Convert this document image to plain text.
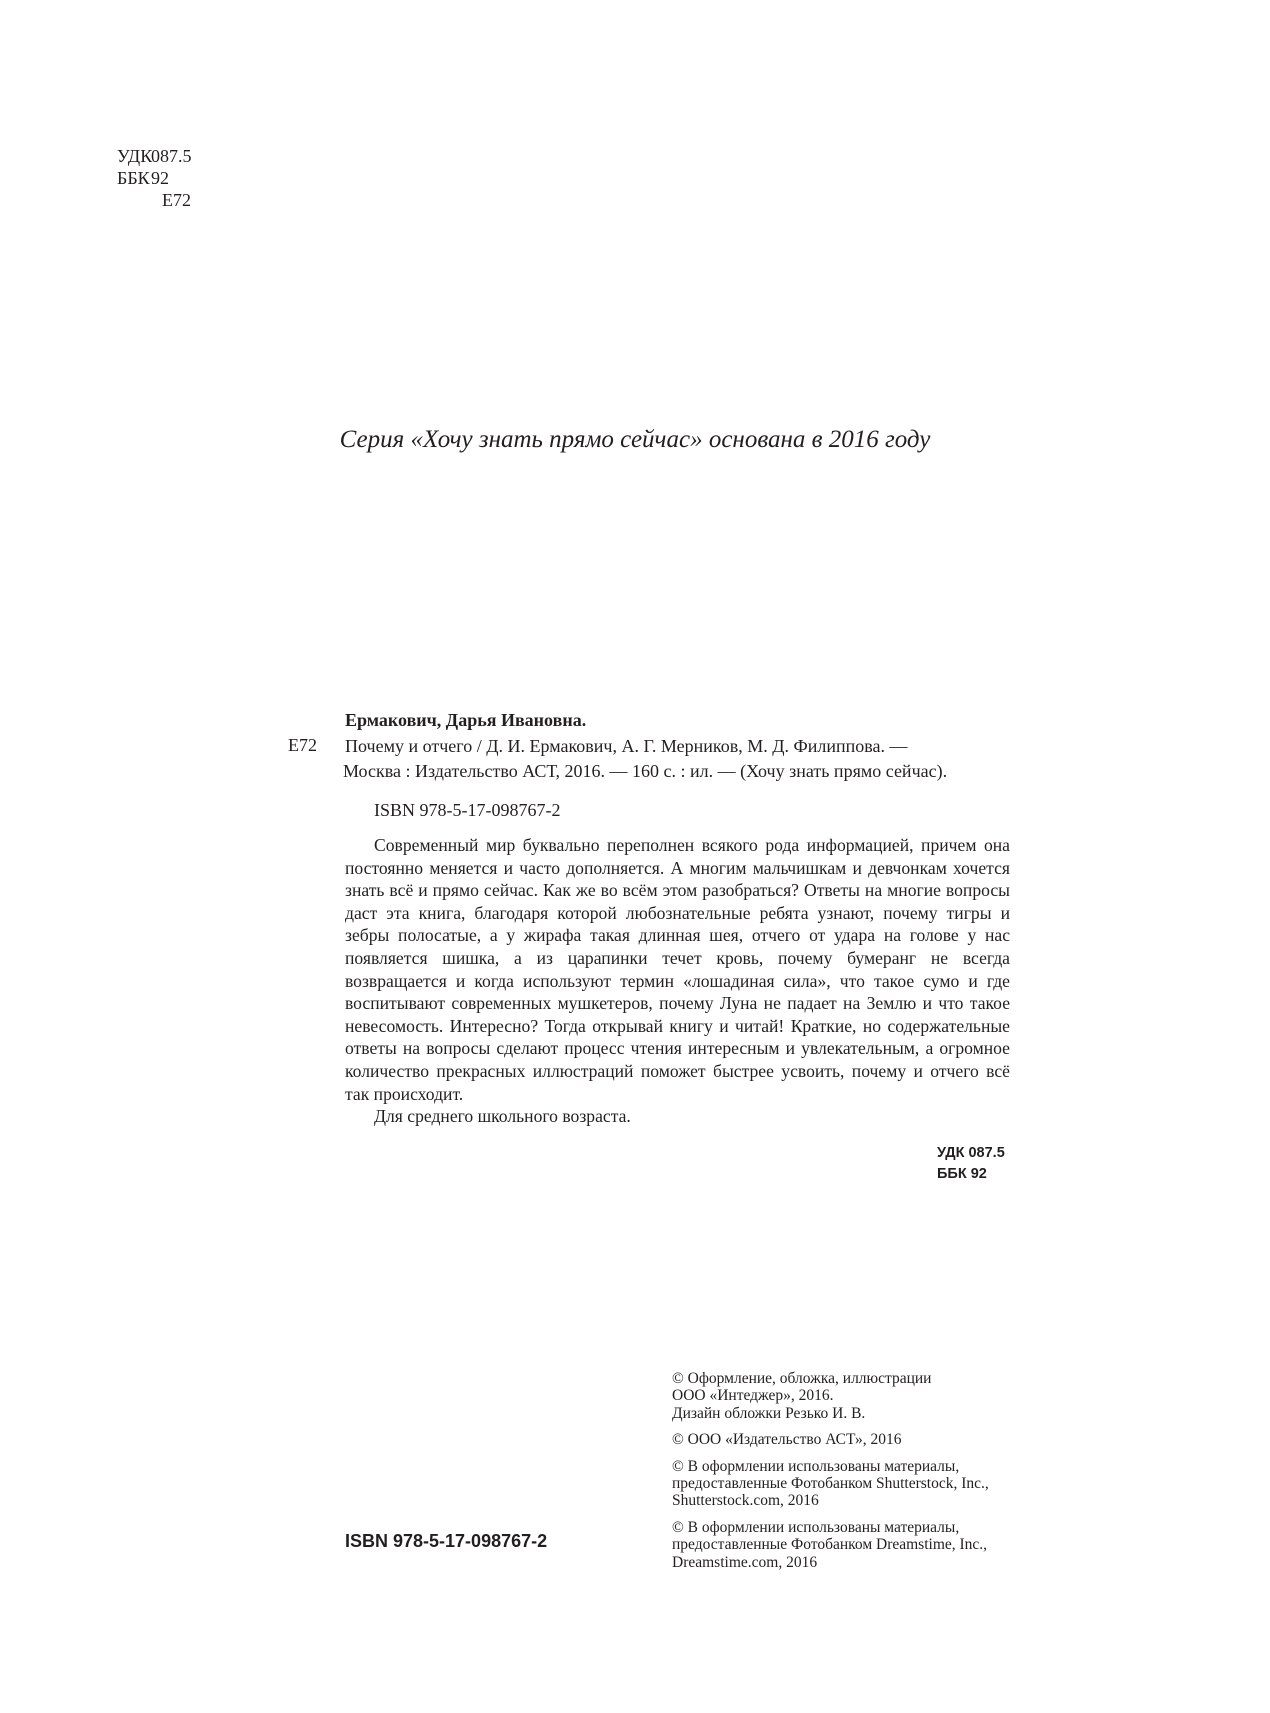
УДК
087.5
ББК 92
Е72
Серия «Хочу знать прямо сейчас» основана в 2016 году
Ермакович, Дарья Ивановна.
Е72 Почему и отчего / Д. И. Ермакович, А. Г. Мерников, М. Д. Филиппова. —
Москва : Издательство АСТ, 2016. — 160 с. : ил. — (Хочу знать прямо сейчас).
ISBN 978-5-17-098767-2

Современный мир буквально переполнен всякого рода информацией, причем она постоянно меняется и часто дополняется. А многим мальчишкам и девчонкам хочется знать всё и прямо сейчас. Как же во всём этом разобраться? Ответы на многие вопросы даст эта книга, благодаря которой любознательные ребята узнают, почему тигры и зебры полосатые, а у жирафа такая длинная шея, отчего от удара на голове у нас появляется шишка, а из царапинки течет кровь, почему бумеранг не всегда возвращается и когда используют термин «лошадиная сила», что такое сумо и где воспитывают современных мушкетеров, почему Луна не падает на Землю и что такое невесомость. Интересно? Тогда открывай книгу и читай! Краткие, но содержательные ответы на вопросы сделают процесс чтения интересным и увлекательным, а огромное количество прекрасных иллюстраций поможет быстрее усвоить, почему и отчего всё так происходит.

Для среднего школьного возраста.

УДК 087.5
ББК 92
© Оформление, обложка, иллюстрации
ООО «Интеджер», 2016.
Дизайн обложки Резько И. В.
© ООО «Издательство АСТ», 2016
© В оформлении использованы материалы,
предоставленные Фотобанком Shutterstock, Inc.,
Shutterstock.com, 2016
© В оформлении использованы материалы,
предоставленные Фотобанком Dreamstime, Inc.,
Dreamstime.com, 2016
ISBN 978-5-17-098767-2
